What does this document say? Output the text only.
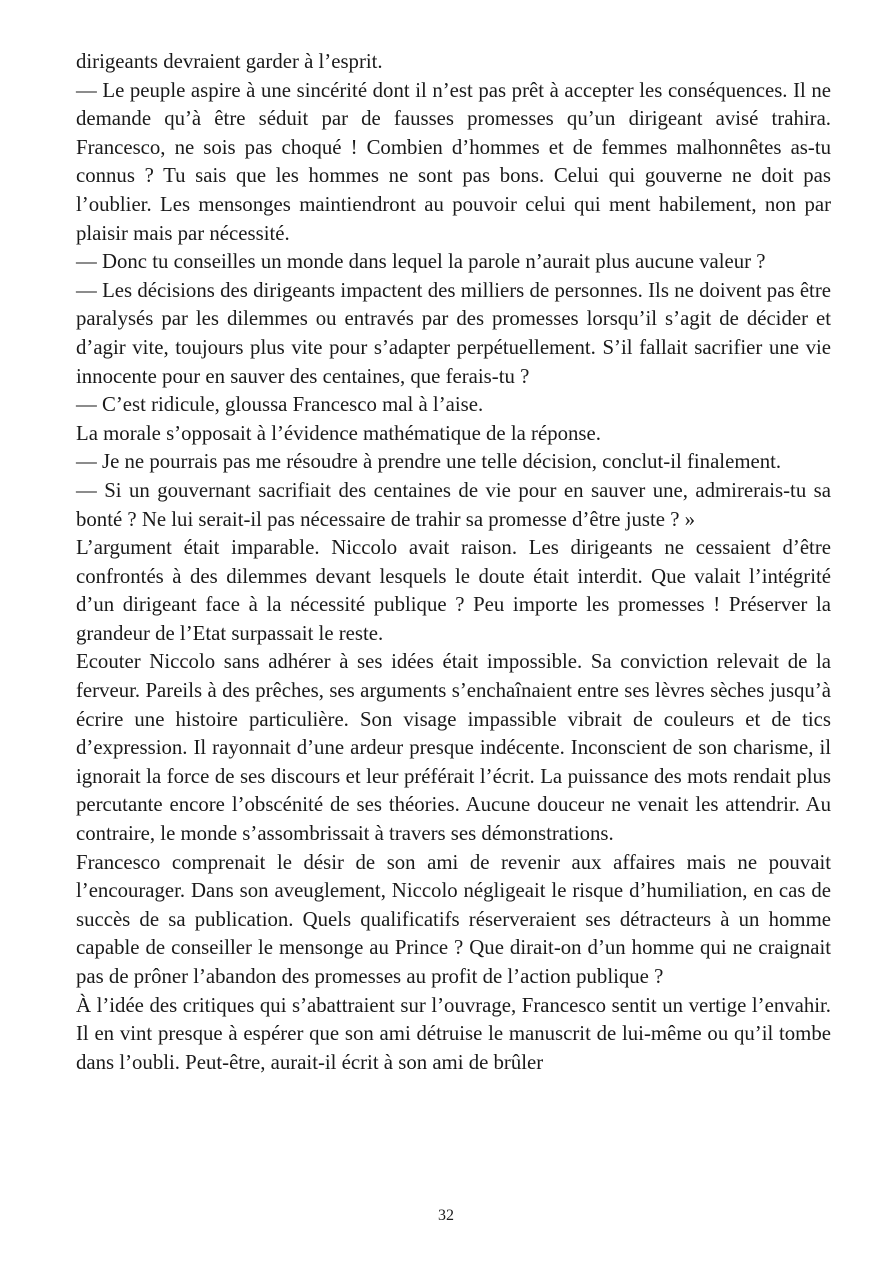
dirigeants devraient garder à l’esprit.

— Le peuple aspire à une sincérité dont il n’est pas prêt à accepter les conséquences. Il ne demande qu’à être séduit par de fausses promesses qu’un dirigeant avisé trahira. Francesco, ne sois pas choqué ! Combien d’hommes et de femmes malhonnêtes as-tu connus ? Tu sais que les hommes ne sont pas bons. Celui qui gouverne ne doit pas l’oublier. Les mensonges maintiendront au pouvoir celui qui ment habilement, non par plaisir mais par nécessité.

— Donc tu conseilles un monde dans lequel la parole n’aurait plus aucune valeur ?

— Les décisions des dirigeants impactent des milliers de personnes. Ils ne doivent pas être paralysés par les dilemmes ou entravés par des promesses lorsqu’il s’agit de décider et d’agir vite, toujours plus vite pour s’adapter perpétuellement. S’il fallait sacrifier une vie innocente pour en sauver des centaines, que ferais-tu ?

— C’est ridicule, gloussa Francesco mal à l’aise.

La morale s’opposait à l’évidence mathématique de la réponse.

— Je ne pourrais pas me résoudre à prendre une telle décision, conclut-il finalement.

— Si un gouvernant sacrifiait des centaines de vie pour en sauver une, admirerais-tu sa bonté ? Ne lui serait-il pas nécessaire de trahir sa promesse d’être juste ? »

L’argument était imparable. Niccolo avait raison. Les dirigeants ne cessaient d’être confrontés à des dilemmes devant lesquels le doute était interdit. Que valait l’intégrité d’un dirigeant face à la nécessité publique ? Peu importe les promesses ! Préserver la grandeur de l’Etat surpassait le reste.

Ecouter Niccolo sans adhérer à ses idées était impossible. Sa conviction relevait de la ferveur. Pareils à des prêches, ses arguments s’enchaînaient entre ses lèvres sèches jusqu’à écrire une histoire particulière. Son visage impassible vibrait de couleurs et de tics d’expression. Il rayonnait d’une ardeur presque indécente. Inconscient de son charisme, il ignorait la force de ses discours et leur préférait l’écrit. La puissance des mots rendait plus percutante encore l’obscénité de ses théories. Aucune douceur ne venait les attendrir. Au contraire, le monde s’assombrissait à travers ses démonstrations.

Francesco comprenait le désir de son ami de revenir aux affaires mais ne pouvait l’encourager. Dans son aveuglement, Niccolo négligeait le risque d’humiliation, en cas de succès de sa publication. Quels qualificatifs réserveraient ses détracteurs à un homme capable de conseiller le mensonge au Prince ? Que dirait-on d’un homme qui ne craignait pas de prôner l’abandon des promesses au profit de l’action publique ?

À l’idée des critiques qui s’abattraient sur l’ouvrage, Francesco sentit un vertige l’envahir. Il en vint presque à espérer que son ami détruise le manuscrit de lui-même ou qu’il tombe dans l’oubli. Peut-être, aurait-il écrit à son ami de brûler

32
